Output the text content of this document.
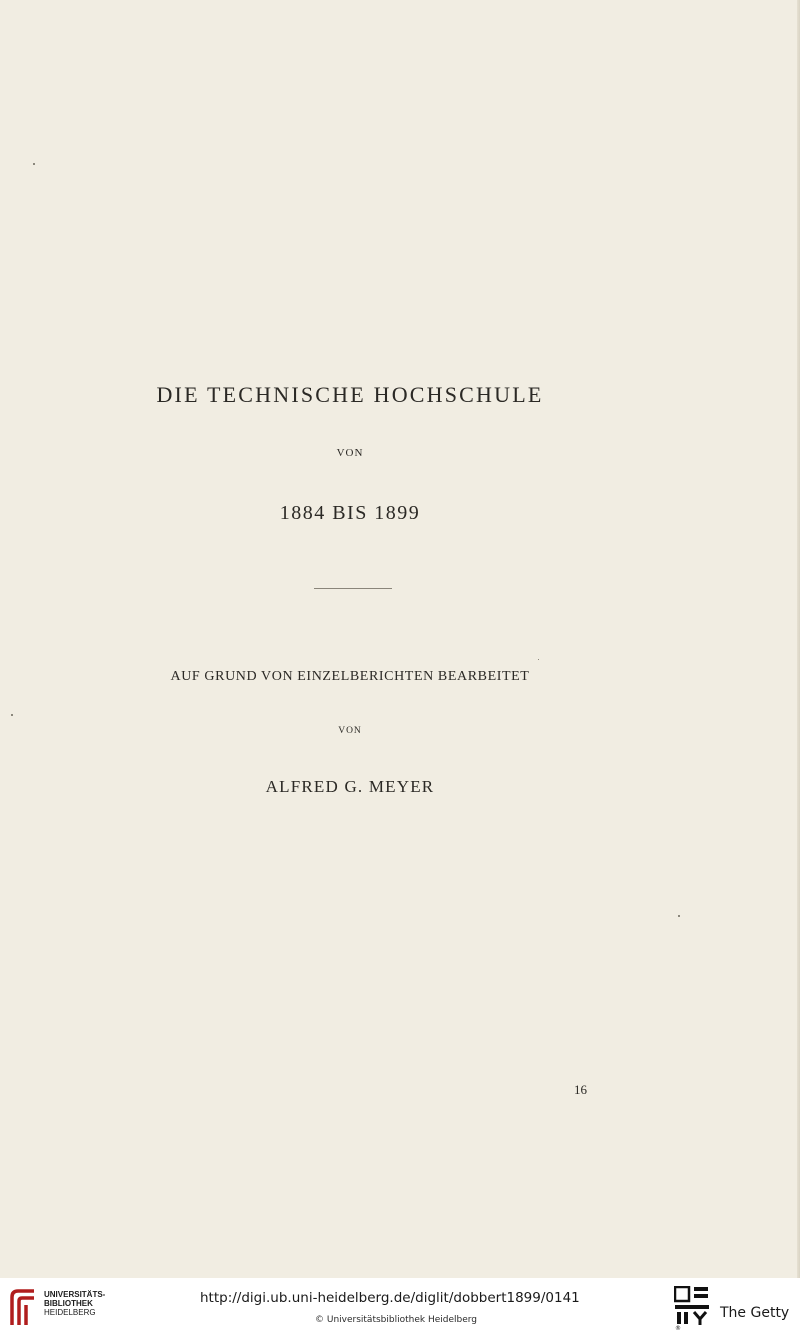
DIE TECHNISCHE HOCHSCHULE
VON
1884 BIS 1899
AUF GRUND VON EINZELBERICHTEN BEARBEITET
VON
ALFRED G. MEYER
16
UNIVERSITÄTS-
BIBLIOTHEK
HEIDELBERG
http://digi.ub.uni-heidelberg.de/diglit/dobbert1899/0141
© Universitätsbibliothek Heidelberg
®
The Getty
